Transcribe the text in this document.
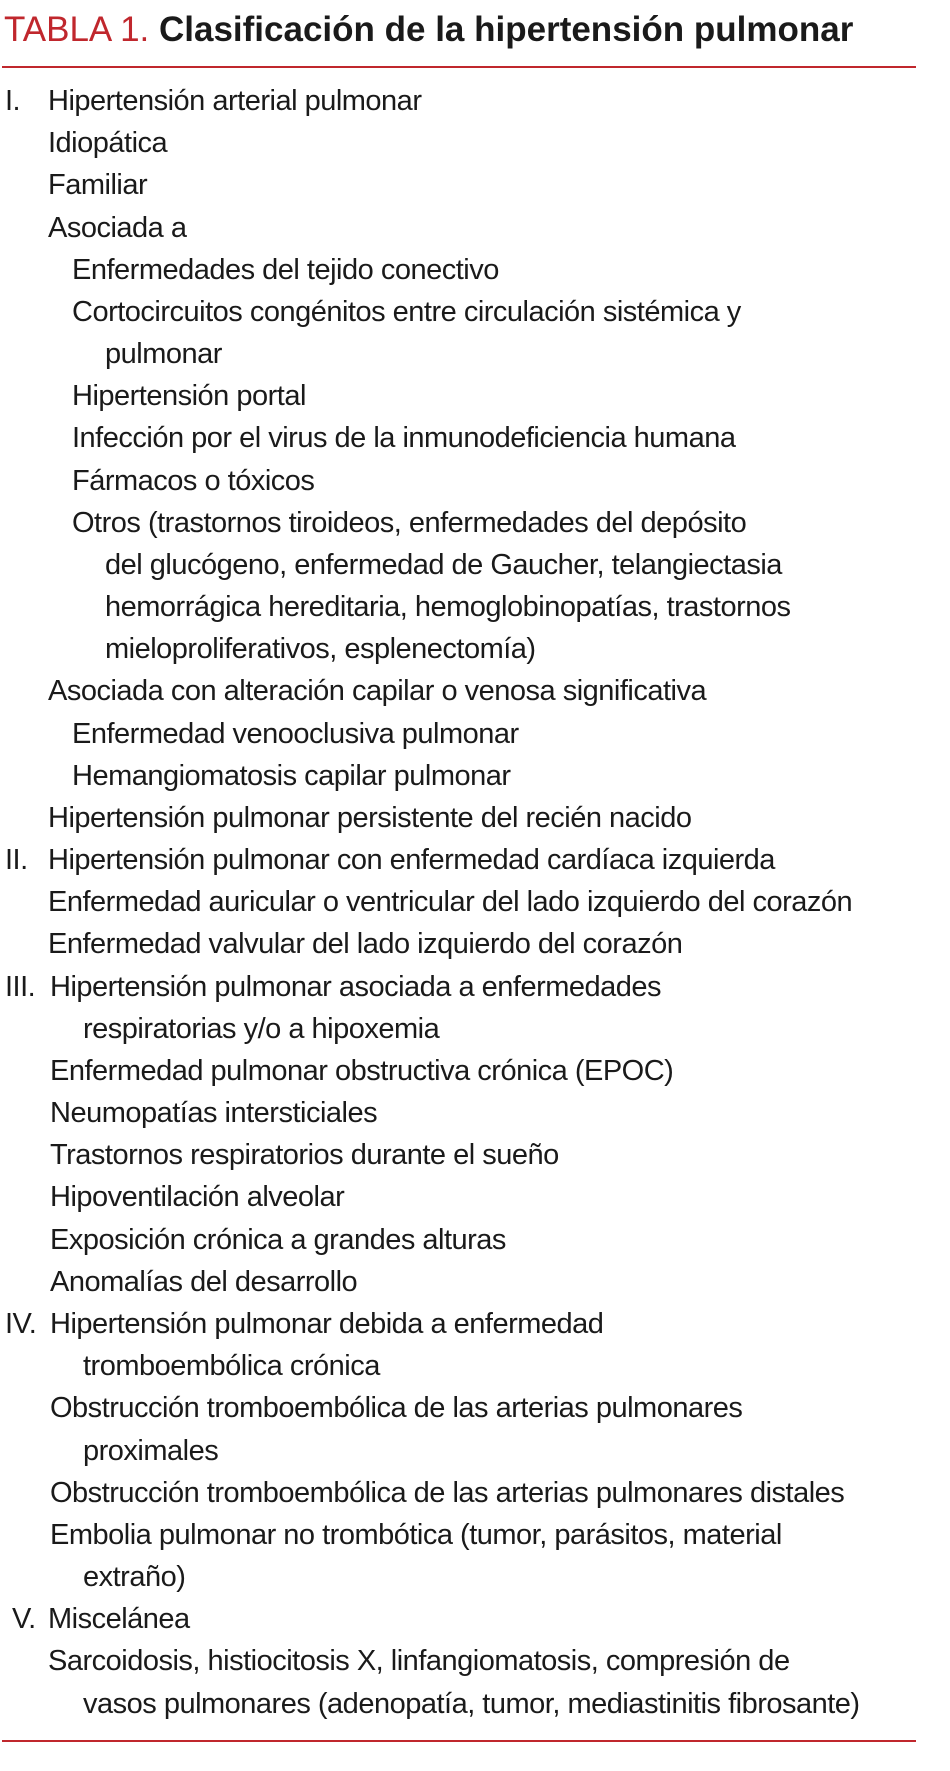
TABLA 1. Clasificación de la hipertensión pulmonar
I. Hipertensión arterial pulmonar
Idiopática
Familiar
Asociada a
Enfermedades del tejido conectivo
Cortocircuitos congénitos entre circulación sistémica y
pulmonar
Hipertensión portal
Infección por el virus de la inmunodeficiencia humana
Fármacos o tóxicos
Otros (trastornos tiroideos, enfermedades del depósito
del glucógeno, enfermedad de Gaucher, telangiectasia
hemorrágica hereditaria, hemoglobinopatías, trastornos
mieloproliferativos, esplenectomía)
Asociada con alteración capilar o venosa significativa
Enfermedad venooclusiva pulmonar
Hemangiomatosis capilar pulmonar
Hipertensión pulmonar persistente del recién nacido
II. Hipertensión pulmonar con enfermedad cardíaca izquierda
Enfermedad auricular o ventricular del lado izquierdo del corazón
Enfermedad valvular del lado izquierdo del corazón
III. Hipertensión pulmonar asociada a enfermedades
respiratorias y/o a hipoxemia
Enfermedad pulmonar obstructiva crónica (EPOC)
Neumopatías intersticiales
Trastornos respiratorios durante el sueño
Hipoventilación alveolar
Exposición crónica a grandes alturas
Anomalías del desarrollo
IV. Hipertensión pulmonar debida a enfermedad
tromboembólica crónica
Obstrucción tromboembólica de las arterias pulmonares
proximales
Obstrucción tromboembólica de las arterias pulmonares distales
Embolia pulmonar no trombótica (tumor, parásitos, material
extraño)
V. Miscelánea
Sarcoidosis, histiocitosis X, linfangiomatosis, compresión de
vasos pulmonares (adenopatía, tumor, mediastinitis fibrosante)
